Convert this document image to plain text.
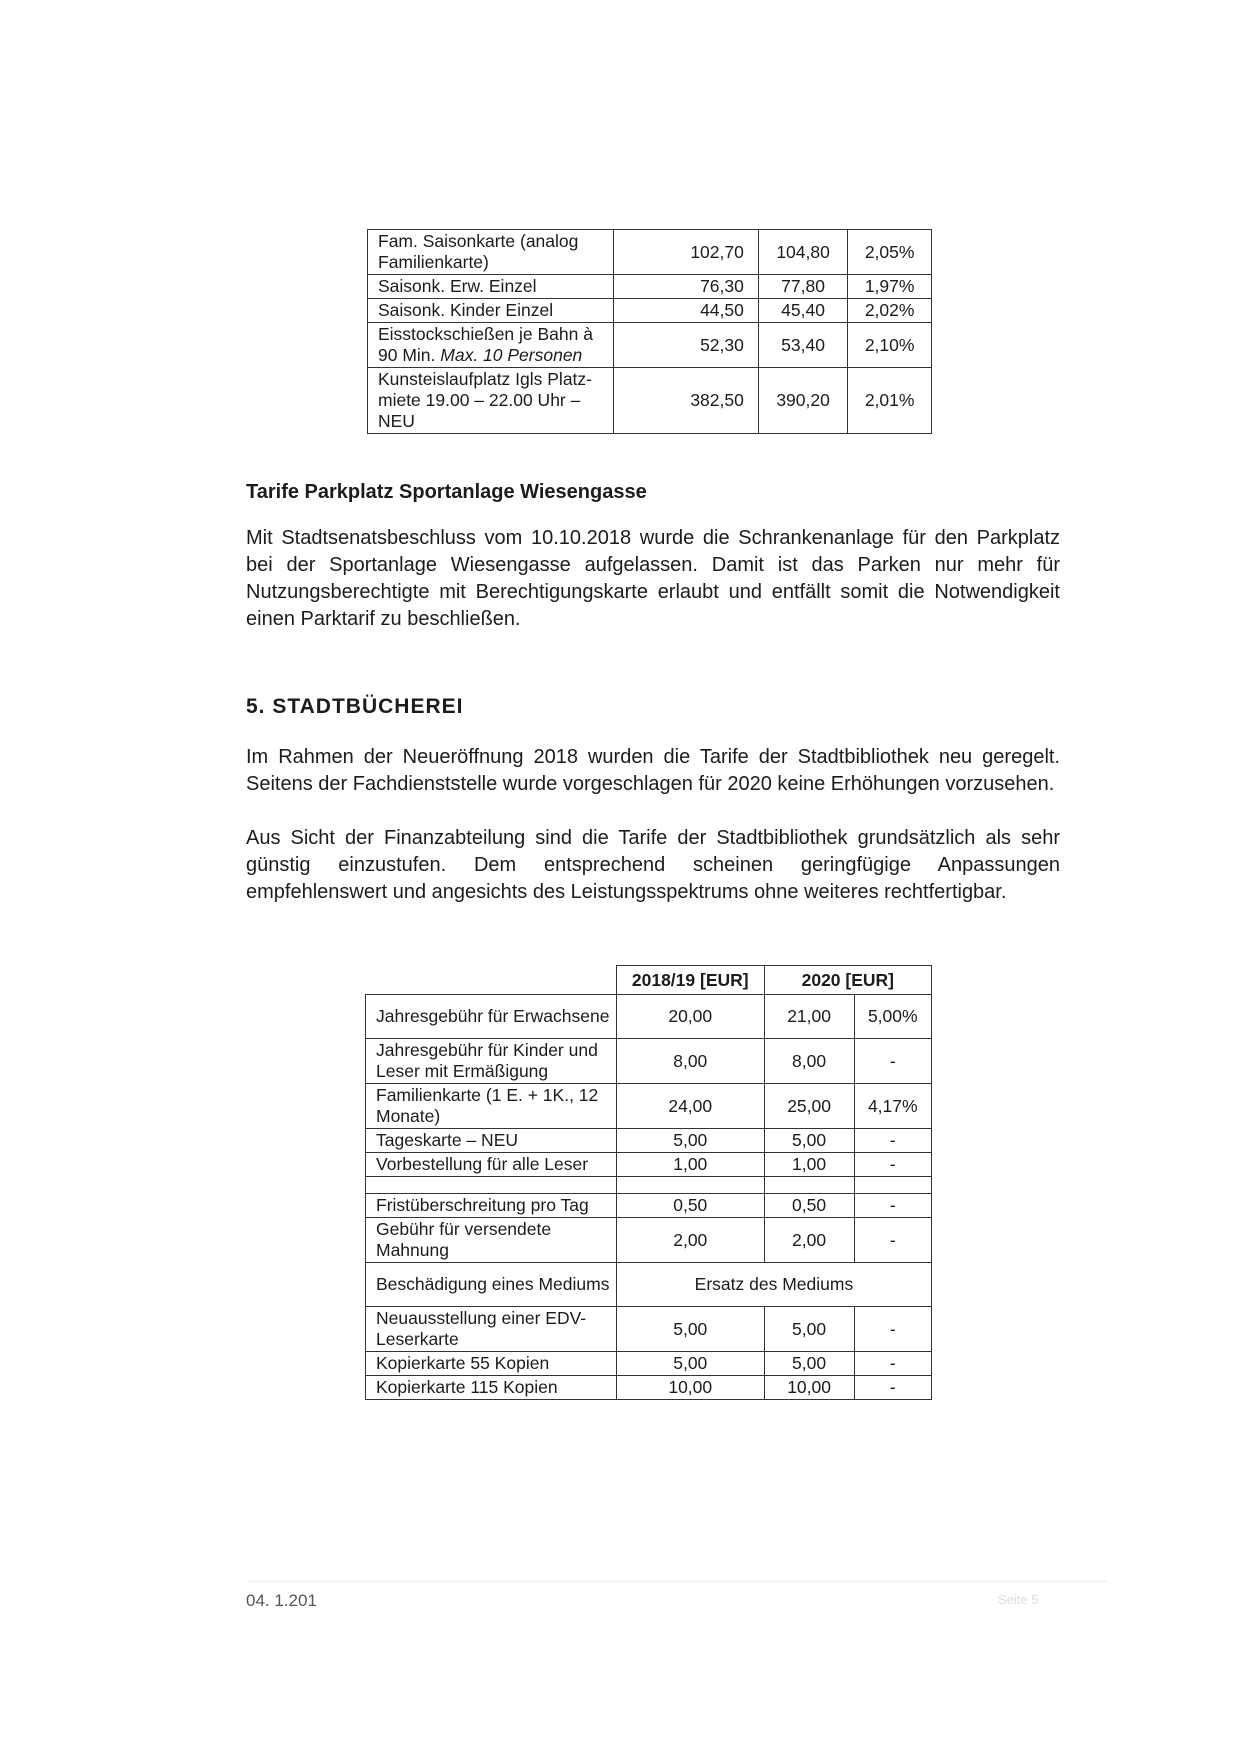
Fam. Saisonkarte (analog Familienkarte)	102,70	104,80	2,05%
Saisonk. Erw. Einzel	76,30	77,80	1,97%
Saisonk. Kinder Einzel	44,50	45,40	2,02%
Eisstockschießen je Bahn à 90 Min. Max. 10 Personen	52,30	53,40	2,10%
Kunsteislaufplatz Igls Platz-miete 19.00 – 22.00 Uhr – NEU	382,50	390,20	2,01%
Tarife Parkplatz Sportanlage Wiesengasse
Mit Stadtsenatsbeschluss vom 10.10.2018 wurde die Schrankenanlage für den Parkplatz bei der Sportanlage Wiesengasse aufgelassen. Damit ist das Parken nur mehr für Nutzungsberechtigte mit Berechtigungskarte erlaubt und entfällt somit die Notwendigkeit einen Parktarif zu beschließen.
5. STADTBÜCHEREI
Im Rahmen der Neueröffnung 2018 wurden die Tarife der Stadtbibliothek neu geregelt. Seitens der Fachdienststelle wurde vorgeschlagen für 2020 keine Erhöhungen vorzusehen.
Aus Sicht der Finanzabteilung sind die Tarife der Stadtbibliothek grundsätzlich als sehr günstig einzustufen. Dem entsprechend scheinen geringfügige Anpassungen empfehlenswert und angesichts des Leistungsspektrums ohne weiteres rechtfertigbar.
	2018/19 [EUR]	2020 [EUR]	
Jahresgebühr für Erwachsene	20,00	21,00	5,00%
Jahresgebühr für Kinder und Leser mit Ermäßigung	8,00	8,00	-
Familienkarte (1 E. + 1K., 12 Monate)	24,00	25,00	4,17%
Tageskarte – NEU	5,00	5,00	-
Vorbestellung für alle Leser	1,00	1,00	-

Fristüberschreitung pro Tag	0,50	0,50	-
Gebühr für versendete Mahnung	2,00	2,00	-
Beschädigung eines Mediums	Ersatz des Mediums		
Neuausstellung einer EDV-Leserkarte	5,00	5,00	-
Kopierkarte 55 Kopien	5,00	5,00	-
Kopierkarte 115 Kopien	10,00	10,00	-
04. 1.201	Seite 5
